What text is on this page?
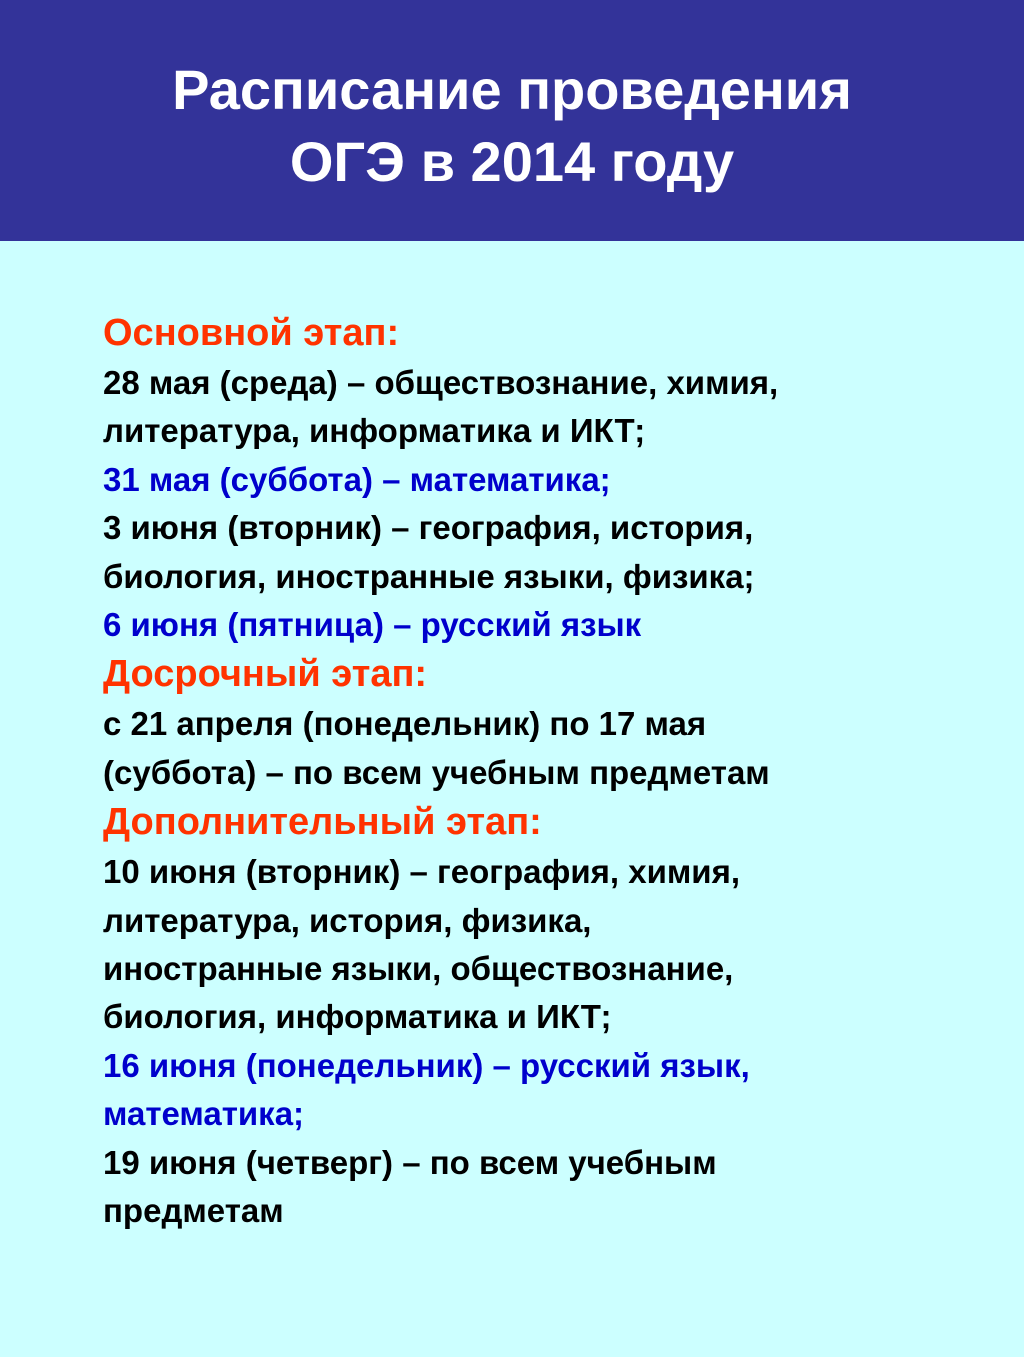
Расписание проведения
ОГЭ в 2014 году
Основной этап:
28 мая (среда) – обществознание, химия,
литература, информатика и ИКТ;
31 мая (суббота) – математика;
3 июня (вторник) – география, история,
биология, иностранные языки, физика;
6 июня (пятница) – русский язык
Досрочный этап:
с 21 апреля (понедельник) по 17 мая
(суббота) – по всем учебным предметам
Дополнительный этап:
10 июня (вторник) – география, химия,
литература, история, физика,
иностранные языки, обществознание,
биология, информатика и ИКТ;
16 июня (понедельник) – русский язык,
математика;
19 июня (четверг) – по всем учебным
предметам
